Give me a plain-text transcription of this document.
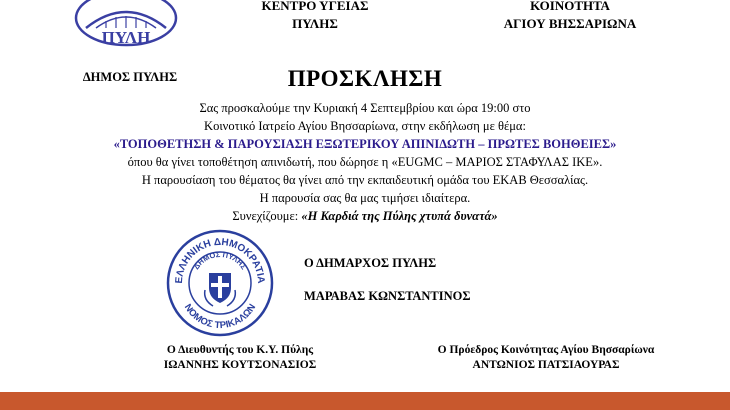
ΠΥΛΗ
ΔΗΜΟΣ ΠΥΛΗΣ
ΚΕΝΤΡΟ ΥΓΕΙΑΣ
ΠΥΛΗΣ
ΚΟΙΝΟΤΗΤΑ
ΑΓΙΟΥ ΒΗΣΣΑΡΙΩΝΑ
ΠΡΟΣΚΛΗΣΗ
Σας προσκαλούμε την Κυριακή 4 Σεπτεμβρίου και ώρα 19:00 στο
Κοινοτικό Ιατρείο Αγίου Βησσαρίωνα, στην εκδήλωση με θέμα:
«ΤΟΠΟΘΕΤΗΣΗ & ΠΑΡΟΥΣΙΑΣΗ ΕΞΩΤΕΡΙΚΟΥ ΑΠΙΝΙΔΩΤΗ – ΠΡΩΤΕΣ ΒΟΗΘΕΙΕΣ»
όπου θα γίνει τοποθέτηση απινιδωτή, που δώρησε η «EUGMC – ΜΑΡΙΟΣ ΣΤΑΦΥΛΑΣ ΙΚΕ».
Η παρουσίαση του θέματος θα γίνει από την εκπαιδευτική ομάδα του ΕΚΑΒ Θεσσαλίας.
Η παρουσία σας θα μας τιμήσει ιδιαίτερα.
Συνεχίζουμε: «Η Καρδιά της Πύλης χτυπά δυνατά»
ΕΛΛΗΝΙΚΗ ΔΗΜΟΚΡΑΤΙΑ
ΔΗΜΟΣ ΠΥΛΗΣ
ΝΟΜΟΣ ΤΡΙΚΑΛΩΝ
Ο ΔΗΜΑΡΧΟΣ ΠΥΛΗΣ
ΜΑΡΑΒΑΣ ΚΩΝΣΤΑΝΤΙΝΟΣ
Ο Διευθυντής του Κ.Υ. Πύλης
ΙΩΑΝΝΗΣ ΚΟΥΤΣΟΝΑΣΙΟΣ
Ο Πρόεδρος Κοινότητας Αγίου Βησσαρίωνα
ΑΝΤΩΝΙΟΣ ΠΑΤΣΙΑΟΥΡΑΣ
